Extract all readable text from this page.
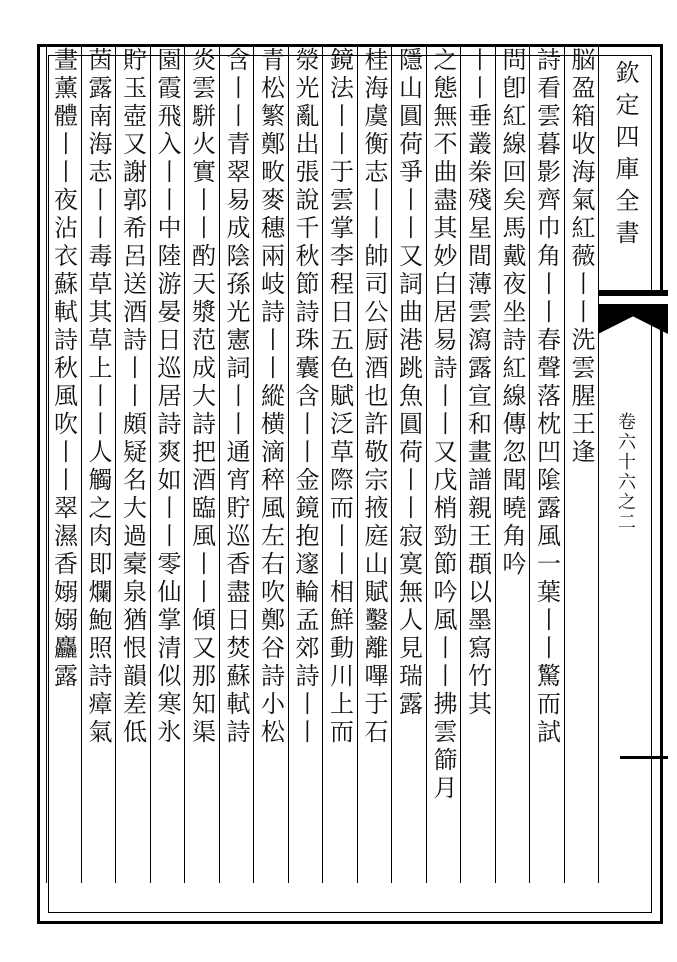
欽定四庫全書
卷六十六之二
脳盈箱收海氣紅薇丨丨洗雲腥王逢
詩看雲暮影齊巾角丨丨春聲落枕凹隂露風一葉丨丨驚而試
問卽紅線回矣馬戴夜坐詩紅線傳忽聞曉角吟
丨丨垂叢桊殘星間薄雲瀉露宣和畫譜親王頵以墨寫竹其
之態無不曲盡其妙白居易詩丨丨又戊梢勁節吟風丨丨拂雲篩月
隱山圓荷爭丨丨又詞曲港跳魚圓荷丨丨寂寞無人見瑞露
桂海虞衡志丨丨帥司公厨酒也許敬宗掖庭山賦鑿離嗶于石
鏡法丨丨于雲掌李程日五色賦泛草際而丨丨相鮮動川上而
滎光亂出張說千秋節詩珠囊含丨丨金鏡抱邃輪孟郊詩丨丨
青松繁鄭畋麥穗兩岐詩丨丨縱横滴稡風左右吹鄭谷詩小松
含丨丨青翠易成陰孫光憲詞丨丨通宵貯巡香盡日焚蘇軾詩
炎雲駢火實丨丨酌天漿范成大詩把酒臨風丨丨傾又那知渠
園霞飛入丨丨中陸游晏日巡居詩爽如丨丨零仙掌清似寒氷
貯玉壺又謝郭希呂送酒詩丨丨頗疑名大過槖泉猶恨韻差低
茵露南海志丨丨毒草其草上丨丨人觸之肉即爛鮑照詩瘴氣
晝薰體丨丨夜沾衣蘇軾詩秋風吹丨丨翠濕香嫋嫋麤露
